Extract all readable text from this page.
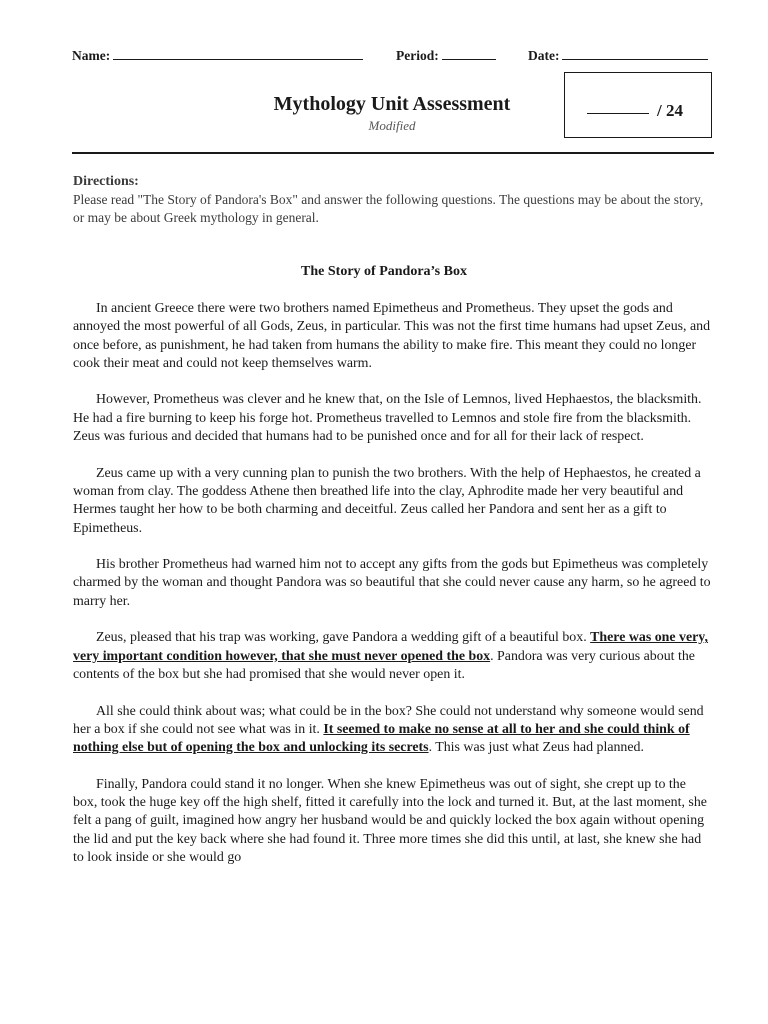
Name:	Period:	Date:
Mythology Unit Assessment
Modified
/ 24
Directions:
Please read "The Story of Pandora's Box" and answer the following questions. The questions may be about the story, or may be about Greek mythology in general.
The Story of Pandora’s Box

In ancient Greece there were two brothers named Epimetheus and Prometheus. They upset the gods and annoyed the most powerful of all Gods, Zeus, in particular. This was not the first time humans had upset Zeus, and once before, as punishment, he had taken from humans the ability to make fire. This meant they could no longer cook their meat and could not keep themselves warm.

However, Prometheus was clever and he knew that, on the Isle of Lemnos, lived Hephaestos, the blacksmith. He had a fire burning to keep his forge hot. Prometheus travelled to Lemnos and stole fire from the blacksmith. Zeus was furious and decided that humans had to be punished once and for all for their lack of respect.

Zeus came up with a very cunning plan to punish the two brothers. With the help of Hephaestos, he created a woman from clay. The goddess Athene then breathed life into the clay, Aphrodite made her very beautiful and Hermes taught her how to be both charming and deceitful. Zeus called her Pandora and sent her as a gift to Epimetheus.

His brother Prometheus had warned him not to accept any gifts from the gods but Epimetheus was completely charmed by the woman and thought Pandora was so beautiful that she could never cause any harm, so he agreed to marry her.

Zeus, pleased that his trap was working, gave Pandora a wedding gift of a beautiful box. There was one very, very important condition however, that she must never opened the box. Pandora was very curious about the contents of the box but she had promised that she would never open it.

All she could think about was; what could be in the box? She could not understand why someone would send her a box if she could not see what was in it. It seemed to make no sense at all to her and she could think of nothing else but of opening the box and unlocking its secrets. This was just what Zeus had planned.

Finally, Pandora could stand it no longer. When she knew Epimetheus was out of sight, she crept up to the box, took the huge key off the high shelf, fitted it carefully into the lock and turned it. But, at the last moment, she felt a pang of guilt, imagined how angry her husband would be and quickly locked the box again without opening the lid and put the key back where she had found it. Three more times she did this until, at last, she knew she had to look inside or she would go
